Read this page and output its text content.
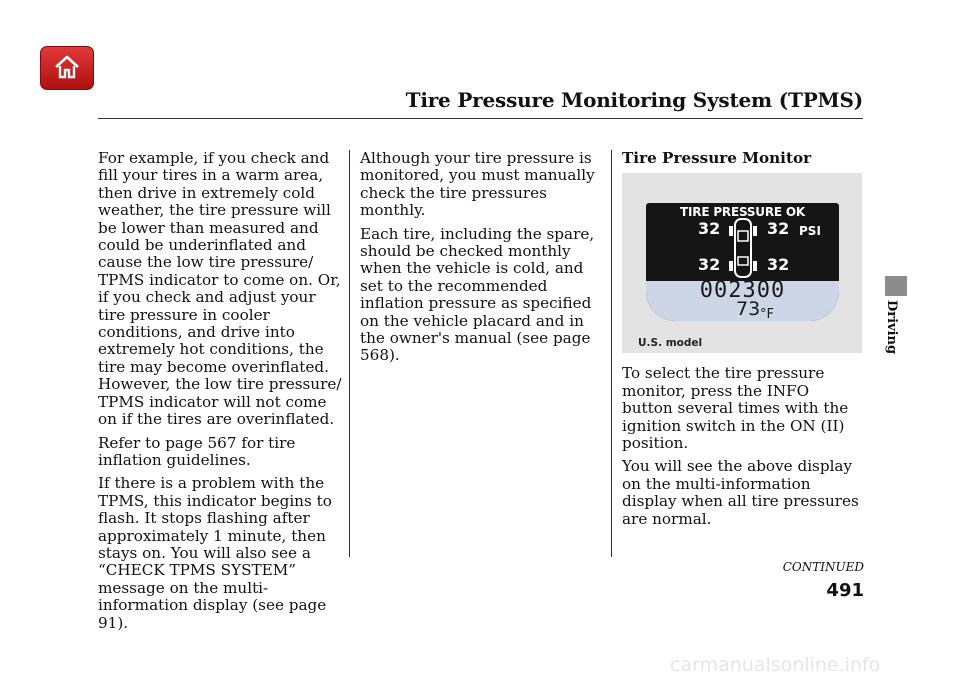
Tire Pressure Monitoring System (TPMS)

For example, if you check and fill your tires in a warm area, then drive in extremely cold weather, the tire pressure will be lower than measured and could be underinflated and cause the low tire pressure/ TPMS indicator to come on. Or, if you check and adjust your tire pressure in cooler conditions, and drive into extremely hot conditions, the tire may become overinflated. However, the low tire pressure/ TPMS indicator will not come on if the tires are overinflated.

Refer to page 567 for tire inflation guidelines.

If there is a problem with the TPMS, this indicator begins to flash. It stops flashing after approximately 1 minute, then stays on. You will also see a “CHECK TPMS SYSTEM” message on the multi-information display (see page 91).

Although your tire pressure is monitored, you must manually check the tire pressures monthly.

Each tire, including the spare, should be checked monthly when the vehicle is cold, and set to the recommended inflation pressure as specified on the vehicle placard and in the owner's manual (see page 568).

Tire Pressure Monitor

TIRE PRESSURE OK
PSI
32	32
32	32
002300
73 °F
U.S. model

To select the tire pressure monitor, press the INFO button several times with the ignition switch in the ON (II) position.

You will see the above display on the multi-information display when all tire pressures are normal.

Driving
CONTINUED
491
carmanualsonline.info
